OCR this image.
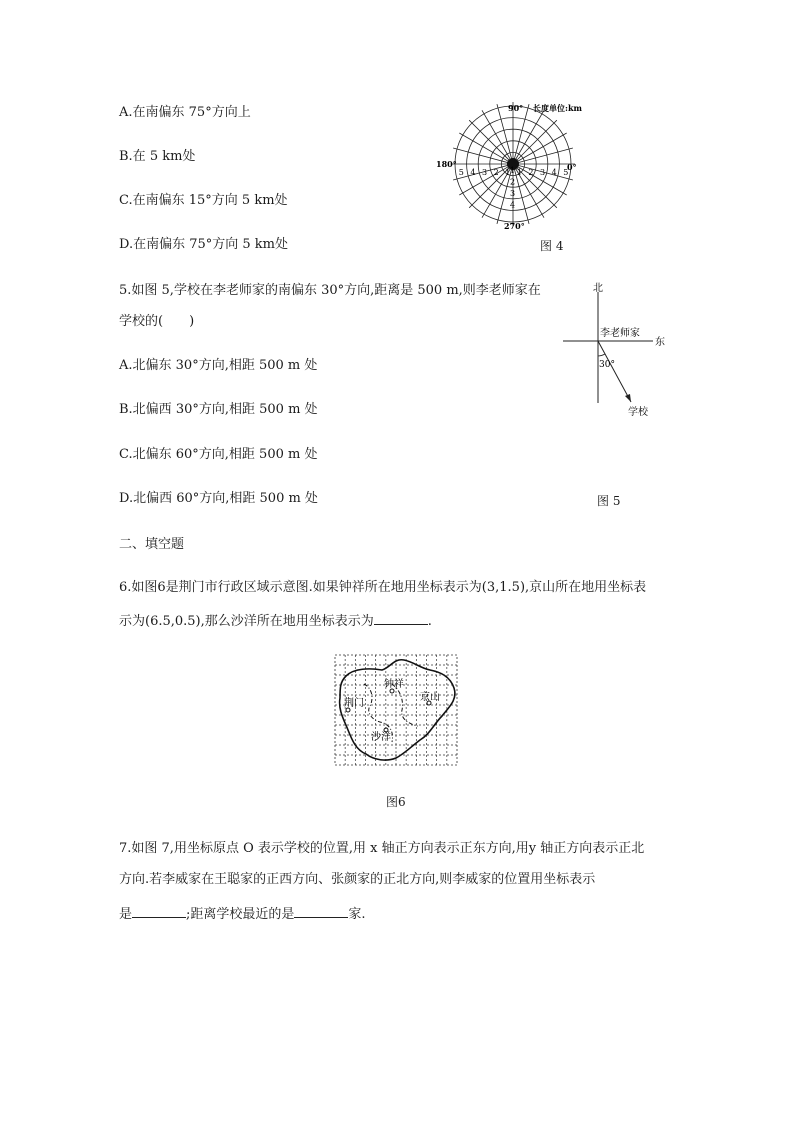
A.在南偏东 75°方向上
B.在 5 km处
C.在南偏东 15°方向 5 km处
D.在南偏东 75°方向 5 km处
90° 长度单位:km
180°	0°
270°
5	5
4	4
4
3	3
3
2	2
2
1 1
1
图 4
5.如图 5,学校在李老师家的南偏东 30°方向,距离是 500 m,则李老师家在
学校的(　　)
A.北偏东 30°方向,相距 500 m 处
B.北偏西 30°方向,相距 500 m 处
C.北偏东 60°方向,相距 500 m 处
D.北偏西 60°方向,相距 500 m 处
北
李老师家
东
30°
学校
图 5
二、填空题
6.如图6是荆门市行政区域示意图.如果钟祥所在地用坐标表示为(3,1.5),京山所在地用坐标表
示为(6.5,0.5),那么沙洋所在地用坐标表示为	.
钟祥
荆门
京山
沙洋
图6
7.如图 7,用坐标原点 O 表示学校的位置,用 x 轴正方向表示正东方向,用y 轴正方向表示正北
方向.若李威家在王聪家的正西方向、张颜家的正北方向,则李威家的位置用坐标表示
是	;距离学校最近的是	家.
